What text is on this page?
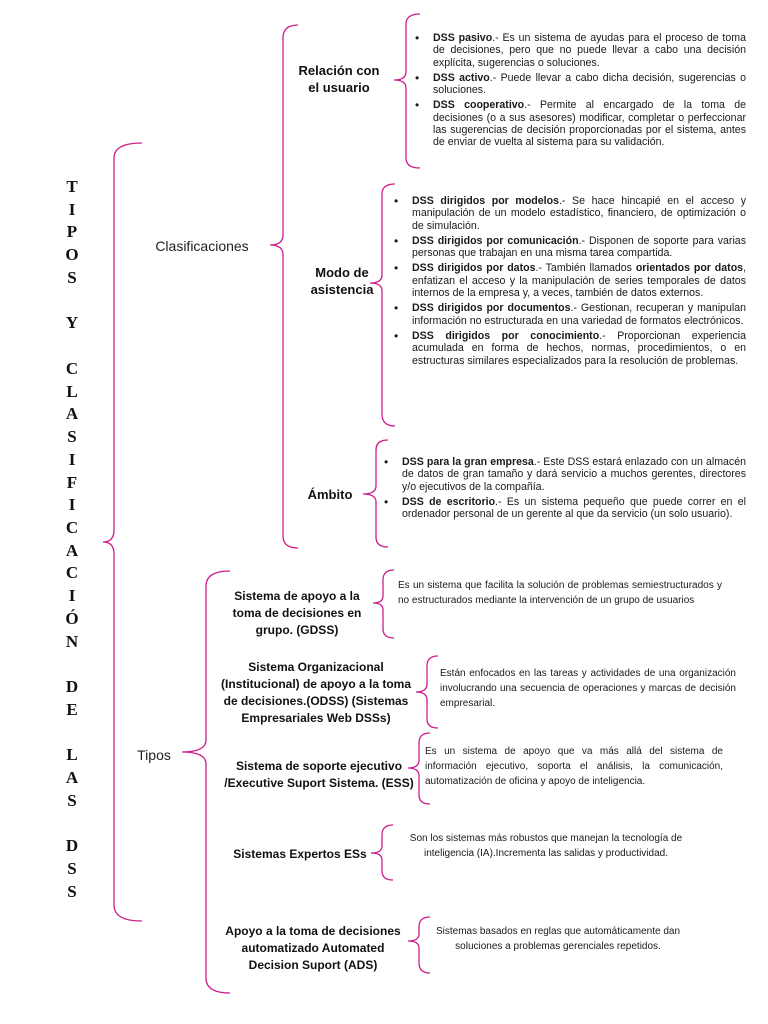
T
I
P
O
S
Y
C
L
A
S
I
F
I
C
A
C
I
Ó
N
D
E
L
A
S
D
S
S
Clasificaciones
Tipos
Relación con el usuario
Modo de asistencia
Ámbito
• DSS pasivo.- Es un sistema de ayudas para el proceso de toma de decisiones, pero que no puede llevar a cabo una decisión explícita, sugerencias o soluciones.
• DSS activo.- Puede llevar a cabo dicha decisión, sugerencias o soluciones.
• DSS cooperativo.- Permite al encargado de la toma de decisiones (o a sus asesores) modificar, completar o perfeccionar las sugerencias de decisión proporcionadas por el sistema, antes de enviar de vuelta al sistema para su validación.
• DSS dirigidos por modelos.- Se hace hincapié en el acceso y manipulación de un modelo estadístico, financiero, de optimización o de simulación.
• DSS dirigidos por comunicación.- Disponen de soporte para varias personas que trabajan en una misma tarea compartida.
• DSS dirigidos por datos.- También llamados orientados por datos, enfatizan el acceso y la manipulación de series temporales de datos internos de la empresa y, a veces, también de datos externos.
• DSS dirigidos por documentos.- Gestionan, recuperan y manipulan información no estructurada en una variedad de formatos electrónicos.
• DSS dirigidos por conocimiento.- Proporcionan experiencia acumulada en forma de hechos, normas, procedimientos, o en estructuras similares especializados para la resolución de problemas.
• DSS para la gran empresa.- Este DSS estará enlazado con un almacén de datos de gran tamaño y dará servicio a muchos gerentes, directores y/o ejecutivos de la compañía.
• DSS de escritorio.- Es un sistema pequeño que puede correr en el ordenador personal de un gerente al que da servicio (un solo usuario).
Sistema de apoyo a la toma de decisiones en grupo. (GDSS)
Sistema Organizacional (Institucional) de apoyo a la toma de decisiones.(ODSS) (Sistemas Empresariales Web DSSs)
Sistema de soporte ejecutivo /Executive Suport Sistema. (ESS)
Sistemas Expertos ESs
Apoyo a la toma de decisiones automatizado Automated Decision Suport (ADS)
Es un sistema que facilita la solución de problemas semiestructurados y no estructurados mediante la intervención de un grupo de usuarios
Están enfocados en las tareas y actividades de una organización involucrando una secuencia de operaciones y marcas de decisión empresarial.
Es un sistema de apoyo que va más allá del sistema de información ejecutivo, soporta el análisis, la comunicación, automatización de oficina y apoyo de inteligencia.
Son los sistemas más robustos que manejan la tecnología de inteligencia (IA).Incrementa las salidas y productividad.
Sistemas basados en reglas que automáticamente dan soluciones a problemas gerenciales repetidos.
